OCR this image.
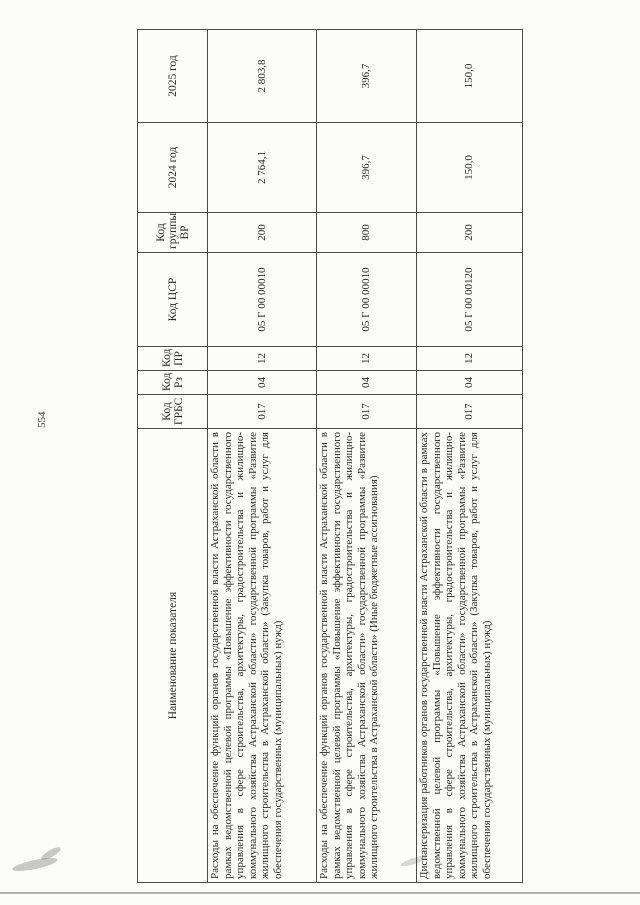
554
Наименование показателя	Код ГРБС	Код Рз	Код ПР	Код ЦСР	Код группы ВР	2024 год	2025 год
Расходы на обеспечение функций органов государственной власти Астраханской области в рамках ведомственной целевой программы «Повышение эффективности государственного управления в сфере строительства, архитектуры, градостроительства и жилищно-коммунального хозяйства Астраханской области» государственной программы «Развитие жилищного строительства в Астраханской области» (Закупка товаров, работ и услуг для обеспечения государственных (муниципальных) нужд)	017	04	12	05 Г 00 00010	200	2 764,1	2 803,8
Расходы на обеспечение функций органов государственной власти Астраханской области в рамках ведомственной целевой программы «Повышение эффективности государственного управления в сфере строительства, архитектуры, градостроительства и жилищно-коммунального хозяйства Астраханской области» государственной программы «Развитие жилищного строительства в Астраханской области» (Иные бюджетные ассигнования)	017	04	12	05 Г 00 00010	800	396,7	396,7
Диспансеризация работников органов государственной власти Астраханской области в рамках ведомственной целевой программы «Повышение эффективности государственного управления в сфере строительства, архитектуры, градостроительства и жилищно-коммунального хозяйства Астраханской области» государственной программы «Развитие жилищного строительства в Астраханской области» (Закупка товаров, работ и услуг для обеспечения государственных (муниципальных) нужд)	017	04	12	05 Г 00 00120	200	150,0	150,0
